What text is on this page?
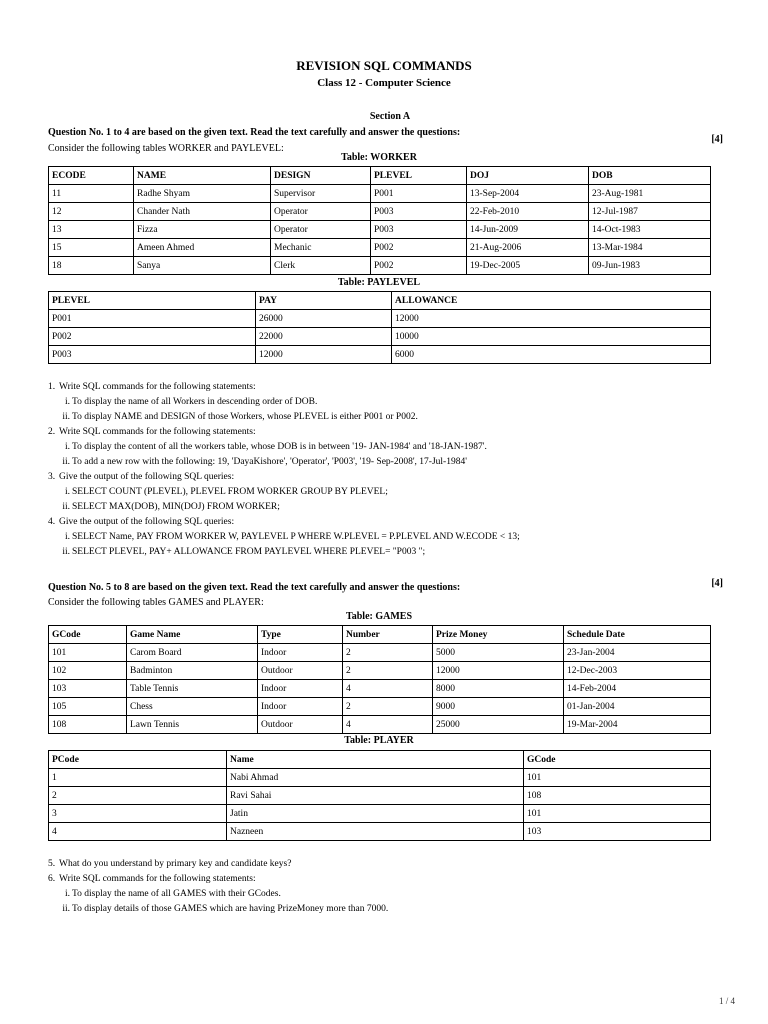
REVISION SQL COMMANDS
Class 12 - Computer Science
Section A
Question No. 1 to 4 are based on the given text. Read the text carefully and answer the questions:
[4]
Consider the following tables WORKER and PAYLEVEL:
Table: WORKER
ECODE	NAME	DESIGN	PLEVEL	DOJ	DOB
11	Radhe Shyam	Supervisor	P001	13-Sep-2004	23-Aug-1981
12	Chander Nath	Operator	P003	22-Feb-2010	12-Jul-1987
13	Fizza	Operator	P003	14-Jun-2009	14-Oct-1983
15	Ameen Ahmed	Mechanic	P002	21-Aug-2006	13-Mar-1984
18	Sanya	Clerk	P002	19-Dec-2005	09-Jun-1983
Table: PAYLEVEL
PLEVEL	PAY	ALLOWANCE
P001	26000	12000
P002	22000	10000
P003	12000	6000
1. Write SQL commands for the following statements:
i. To display the name of all Workers in descending order of DOB.
ii. To display NAME and DESIGN of those Workers, whose PLEVEL is either P001 or P002.
2. Write SQL commands for the following statements:
i. To display the content of all the workers table, whose DOB is in between '19- JAN-1984' and '18-JAN-1987'.
ii. To add a new row with the following: 19, 'DayaKishore', 'Operator', 'P003', '19- Sep-2008', 17-Jul-1984'
3. Give the output of the following SQL queries:
i. SELECT COUNT (PLEVEL), PLEVEL FROM WORKER GROUP BY PLEVEL;
ii. SELECT MAX(DOB), MIN(DOJ) FROM WORKER;
4. Give the output of the following SQL queries:
i. SELECT Name, PAY FROM WORKER W, PAYLEVEL P WHERE W.PLEVEL = P.PLEVEL AND W.ECODE < 13;
ii. SELECT PLEVEL, PAY+ ALLOWANCE FROM PAYLEVEL WHERE PLEVEL= "P003 ";
Question No. 5 to 8 are based on the given text. Read the text carefully and answer the questions:	[4]
Consider the following tables GAMES and PLAYER:
Table: GAMES
GCode	Game Name	Type	Number	Prize Money	Schedule Date
101	Carom Board	Indoor	2	5000	23-Jan-2004
102	Badminton	Outdoor	2	12000	12-Dec-2003
103	Table Tennis	Indoor	4	8000	14-Feb-2004
105	Chess	Indoor	2	9000	01-Jan-2004
108	Lawn Tennis	Outdoor	4	25000	19-Mar-2004
Table: PLAYER
PCode	Name	GCode
1	Nabi Ahmad	101
2	Ravi Sahai	108
3	Jatin	101
4	Nazneen	103
5. What do you understand by primary key and candidate keys?
6. Write SQL commands for the following statements:
i. To display the name of all GAMES with their GCodes.
ii. To display details of those GAMES which are having PrizeMoney more than 7000.
1 / 4
